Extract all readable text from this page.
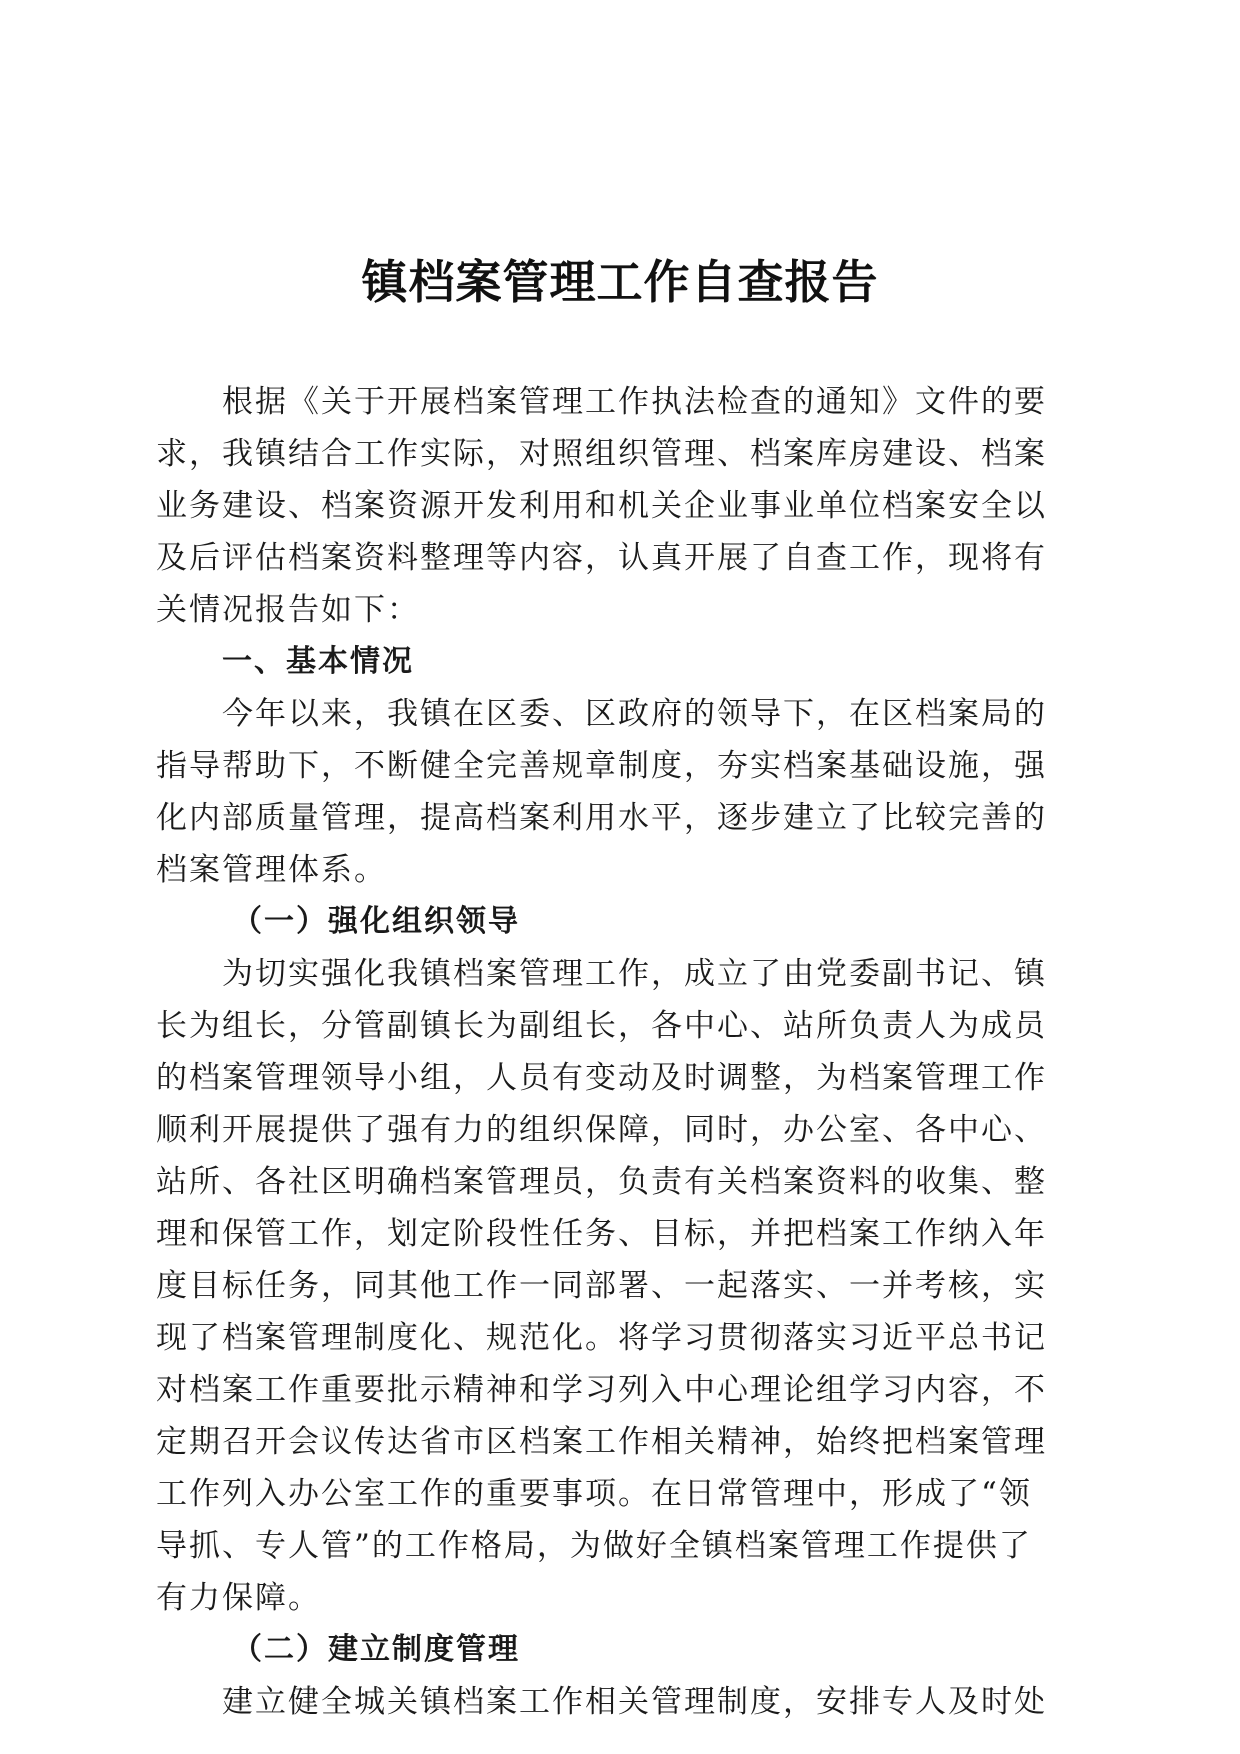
镇档案管理工作自查报告
根据《关于开展档案管理工作执法检查的通知》文件的要
求，我镇结合工作实际，对照组织管理、档案库房建设、档案
业务建设、档案资源开发利用和机关企业事业单位档案安全以
及后评估档案资料整理等内容，认真开展了自查工作，现将有
关情况报告如下：
一、基本情况
今年以来，我镇在区委、区政府的领导下，在区档案局的
指导帮助下，不断健全完善规章制度，夯实档案基础设施，强
化内部质量管理，提高档案利用水平，逐步建立了比较完善的
档案管理体系。
（一）强化组织领导
为切实强化我镇档案管理工作，成立了由党委副书记、镇
长为组长，分管副镇长为副组长，各中心、站所负责人为成员
的档案管理领导小组，人员有变动及时调整，为档案管理工作
顺利开展提供了强有力的组织保障，同时，办公室、各中心、
站所、各社区明确档案管理员，负责有关档案资料的收集、整
理和保管工作，划定阶段性任务、目标，并把档案工作纳入年
度目标任务，同其他工作一同部署、一起落实、一并考核，实
现了档案管理制度化、规范化。将学习贯彻落实习近平总书记
对档案工作重要批示精神和学习列入中心理论组学习内容，不
定期召开会议传达省市区档案工作相关精神，始终把档案管理
工作列入办公室工作的重要事项。在日常管理中，形成了“领
导抓、专人管”的工作格局，为做好全镇档案管理工作提供了
有力保障。
（二）建立制度管理
建立健全城关镇档案工作相关管理制度，安排专人及时处
